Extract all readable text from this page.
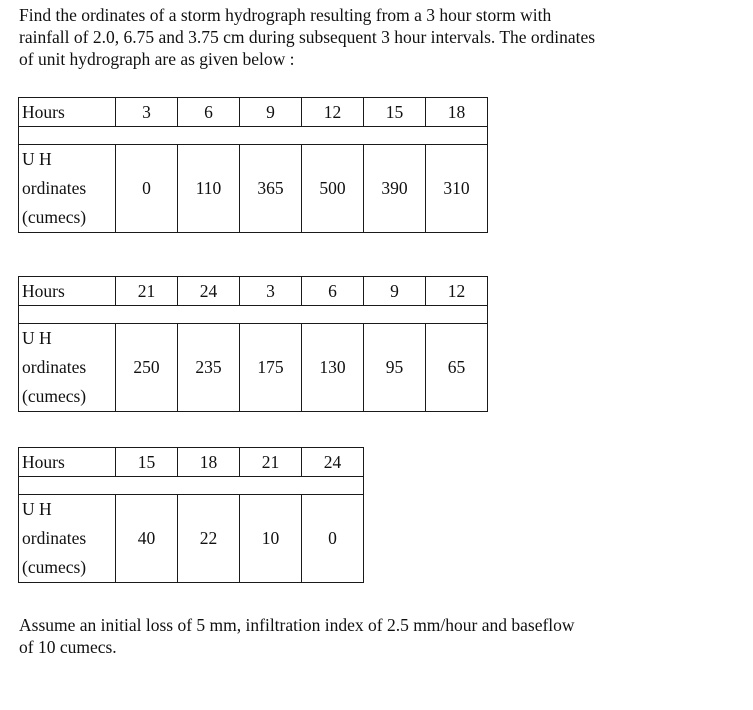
Find the ordinates of a storm hydrograph resulting from a 3 hour storm with
rainfall of 2.0, 6.75 and 3.75 cm during subsequent 3 hour intervals. The ordinates
of unit hydrograph are as given below :

Hours	3	6	9	12	15	18

U H
ordinates
(cumecs)	0	110	365	500	390	310
Hours	21	24	3	6	9	12

U H
ordinates
(cumecs)	250	235	175	130	95	65
Hours	15	18	21	24

U H
ordinates
(cumecs)	40	22	10	0

Assume an initial loss of 5 mm, infiltration index of 2.5 mm/hour and baseflow
of 10 cumecs.
